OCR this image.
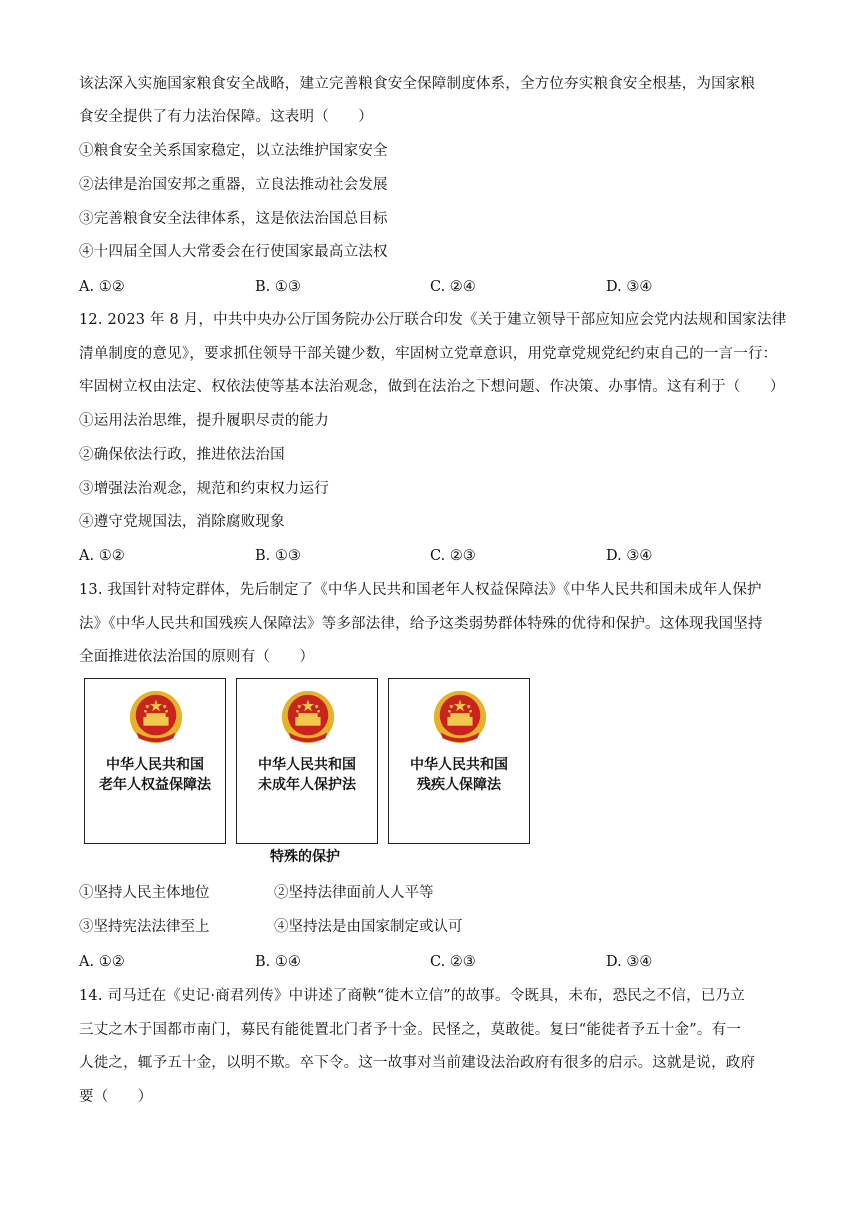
该法深入实施国家粮食安全战略，建立完善粮食安全保障制度体系，全方位夯实粮食安全根基，为国家粮
食安全提供了有力法治保障。这表明（　　）
①粮食安全关系国家稳定，以立法维护国家安全
②法律是治国安邦之重器，立良法推动社会发展
③完善粮食安全法律体系，这是依法治国总目标
④十四届全国人大常委会在行使国家最高立法权
A. ①②	B. ①③	C. ②④	D. ③④
12. 2023 年 8 月，中共中央办公厅国务院办公厅联合印发《关于建立领导干部应知应会党内法规和国家法律
清单制度的意见》，要求抓住领导干部关键少数，牢固树立党章意识，用党章党规党纪约束自己的一言一行：
牢固树立权由法定、权依法使等基本法治观念，做到在法治之下想问题、作决策、办事情。这有利于（　　）
①运用法治思维，提升履职尽责的能力
②确保依法行政，推进依法治国
③增强法治观念，规范和约束权力运行
④遵守党规国法，消除腐败现象
A. ①②	B. ①③	C. ②③	D. ③④
13. 我国针对特定群体，先后制定了《中华人民共和国老年人权益保障法》《中华人民共和国未成年人保护
法》《中华人民共和国残疾人保障法》等多部法律，给予这类弱势群体特殊的优待和保护。这体现我国坚持
全面推进依法治国的原则有（　　）
中华人民共和国
老年人权益保障法
中华人民共和国
未成年人保护法
中华人民共和国
残疾人保障法
特殊的保护
①坚持人民主体地位	②坚持法律面前人人平等
③坚持宪法法律至上	④坚持法是由国家制定或认可
A. ①②	B. ①④	C. ②③	D. ③④
14. 司马迁在《史记·商君列传》中讲述了商鞅“徙木立信”的故事。令既具，未布，恐民之不信，已乃立
三丈之木于国都市南门，募民有能徙置北门者予十金。民怪之，莫敢徙。复曰“能徙者予五十金”。有一
人徙之，辄予五十金，以明不欺。卒下令。这一故事对当前建设法治政府有很多的启示。这就是说，政府
要（　　）
